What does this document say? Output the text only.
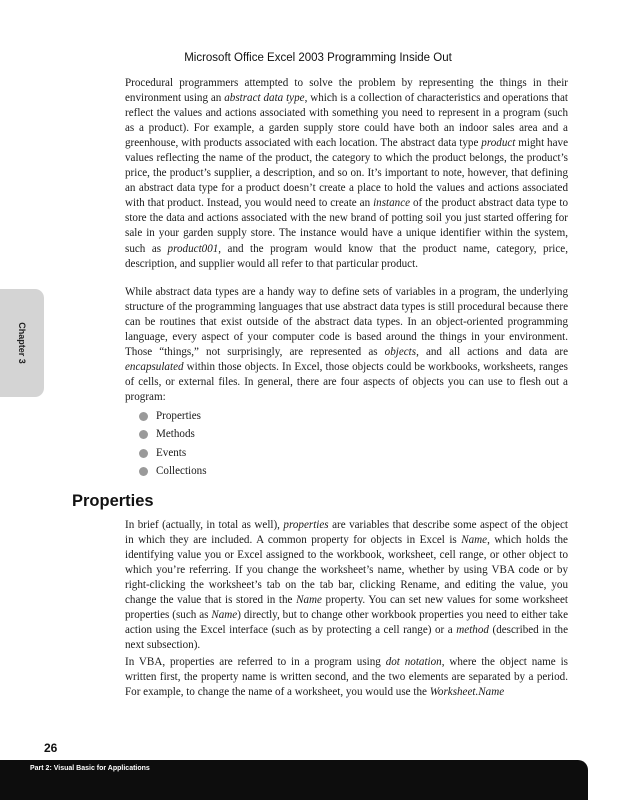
Microsoft Office Excel 2003 Programming Inside Out
Chapter 3

Procedural programmers attempted to solve the problem by representing the things in their environment using an abstract data type, which is a collection of characteristics and operations that reflect the values and actions associated with something you need to represent in a program (such as a product). For example, a garden supply store could have both an indoor sales area and a greenhouse, with products associated with each location. The abstract data type product might have values reflecting the name of the product, the category to which the product belongs, the product’s price, the product’s supplier, a description, and so on. It’s important to note, however, that defining an abstract data type for a product doesn’t create a place to hold the values and actions associated with that product. Instead, you would need to create an instance of the product abstract data type to store the data and actions associated with the new brand of potting soil you just started offering for sale in your garden supply store. The instance would have a unique identifier within the system, such as product001, and the program would know that the product name, category, price, description, and supplier would all refer to that particular product.

While abstract data types are a handy way to define sets of variables in a program, the underlying structure of the programming languages that use abstract data types is still procedural because there can be routines that exist outside of the abstract data types. In an object-oriented programming language, every aspect of your computer code is based around the things in your environment. Those “things,” not surprisingly, are represented as objects, and all actions and data are encapsulated within those objects. In Excel, those objects could be workbooks, worksheets, ranges of cells, or external files. In general, there are four aspects of objects you can use to flesh out a program:

Properties
Methods
Events
Collections
Properties

In brief (actually, in total as well), properties are variables that describe some aspect of the object in which they are included. A common property for objects in Excel is Name, which holds the identifying value you or Excel assigned to the workbook, worksheet, cell range, or other object to which you’re referring. If you change the worksheet’s name, whether by using VBA code or by right-clicking the worksheet’s tab on the tab bar, clicking Rename, and editing the value, you change the value that is stored in the Name property. You can set new values for some worksheet properties (such as Name) directly, but to change other workbook properties you need to either take action using the Excel interface (such as by protecting a cell range) or a method (described in the next subsection).

In VBA, properties are referred to in a program using dot notation, where the object name is written first, the property name is written second, and the two elements are separated by a period. For example, to change the name of a worksheet, you would use the Worksheet.Name

26
Part 2: Visual Basic for Applications
